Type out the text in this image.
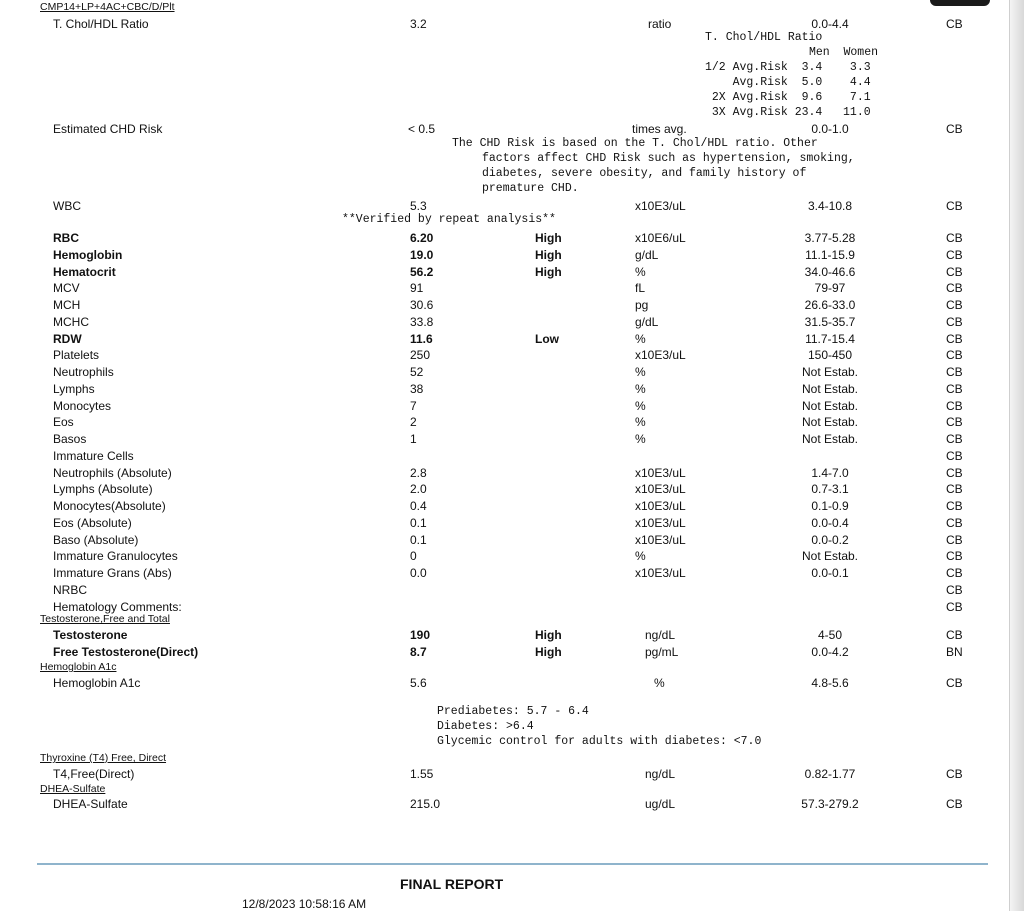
CMP14+LP+4AC+CBC/D/Plt
T. Chol/HDL Ratio	3.2	ratio	0.0-4.4	CB
T. Chol/HDL Ratio
Men  Women
1/2 Avg.Risk  3.4    3.3
Avg.Risk  5.0    4.4
2X Avg.Risk  9.6    7.1
3X Avg.Risk 23.4   11.0
Estimated CHD Risk	< 0.5	times avg.	0.0-1.0	CB
The CHD Risk is based on the T. Chol/HDL ratio. Other
factors affect CHD Risk such as hypertension, smoking,
diabetes, severe obesity, and family history of
premature CHD.
WBC	5.3	x10E3/uL	3.4-10.8	CB
**Verified by repeat analysis**
RBC	6.20	High	x10E6/uL	3.77-5.28	CB
Hemoglobin	19.0	High	g/dL	11.1-15.9	CB
Hematocrit	56.2	High	%	34.0-46.6	CB
MCV	91	fL	79-97	CB
MCH	30.6	pg	26.6-33.0	CB
MCHC	33.8	g/dL	31.5-35.7	CB
RDW	11.6	Low	%	11.7-15.4	CB
Platelets	250	x10E3/uL	150-450	CB
Neutrophils	52	%	Not Estab.	CB
Lymphs	38	%	Not Estab.	CB
Monocytes	7	%	Not Estab.	CB
Eos	2	%	Not Estab.	CB
Basos	1	%	Not Estab.	CB
Immature Cells	CB
Neutrophils (Absolute)	2.8	x10E3/uL	1.4-7.0	CB
Lymphs (Absolute)	2.0	x10E3/uL	0.7-3.1	CB
Monocytes(Absolute)	0.4	x10E3/uL	0.1-0.9	CB
Eos (Absolute)	0.1	x10E3/uL	0.0-0.4	CB
Baso (Absolute)	0.1	x10E3/uL	0.0-0.2	CB
Immature Granulocytes	0	%	Not Estab.	CB
Immature Grans (Abs)	0.0	x10E3/uL	0.0-0.1	CB
NRBC	CB
Hematology Comments:	CB
Testosterone,Free and Total
Testosterone	190	High	ng/dL	4-50	CB
Free Testosterone(Direct)	8.7	High	pg/mL	0.0-4.2	BN
Hemoglobin A1c
Hemoglobin A1c	5.6	%	4.8-5.6	CB
Prediabetes: 5.7 - 6.4
Diabetes: >6.4
Glycemic control for adults with diabetes: <7.0
Thyroxine (T4) Free, Direct
T4,Free(Direct)	1.55	ng/dL	0.82-1.77	CB
DHEA-Sulfate
DHEA-Sulfate	215.0	ug/dL	57.3-279.2	CB
FINAL REPORT
12/8/2023 10:58:16 AM
